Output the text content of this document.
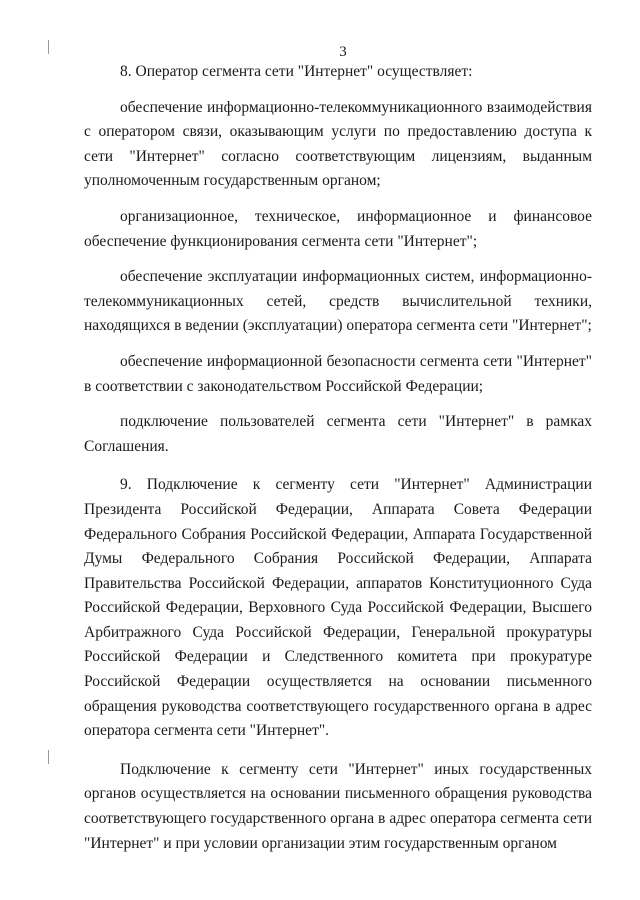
3

8. Оператор сегмента сети "Интернет" осуществляет:

обеспечение информационно-телекоммуникационного взаимодействия с оператором связи, оказывающим услуги по предоставлению доступа к сети "Интернет" согласно соответствующим лицензиям, выданным уполномоченным государственным органом;

организационное, техническое, информационное и финансовое обеспечение функционирования сегмента сети "Интернет";

обеспечение эксплуатации информационных систем, информационно-телекоммуникационных сетей, средств вычислительной техники, находящихся в ведении (эксплуатации) оператора сегмента сети "Интернет";

обеспечение информационной безопасности сегмента сети "Интернет" в соответствии с законодательством Российской Федерации;

подключение пользователей сегмента сети "Интернет" в рамках Соглашения.

9. Подключение к сегменту сети "Интернет" Администрации Президента Российской Федерации, Аппарата Совета Федерации Федерального Собрания Российской Федерации, Аппарата Государственной Думы Федерального Собрания Российской Федерации, Аппарата Правительства Российской Федерации, аппаратов Конституционного Суда Российской Федерации, Верховного Суда Российской Федерации, Высшего Арбитражного Суда Российской Федерации, Генеральной прокуратуры Российской Федерации и Следственного комитета при прокуратуре Российской Федерации осуществляется на основании письменного обращения руководства соответствующего государственного органа в адрес оператора сегмента сети "Интернет".

Подключение к сегменту сети "Интернет" иных государственных органов осуществляется на основании письменного обращения руководства соответствующего государственного органа в адрес оператора сегмента сети "Интернет" и при условии организации этим государственным органом
